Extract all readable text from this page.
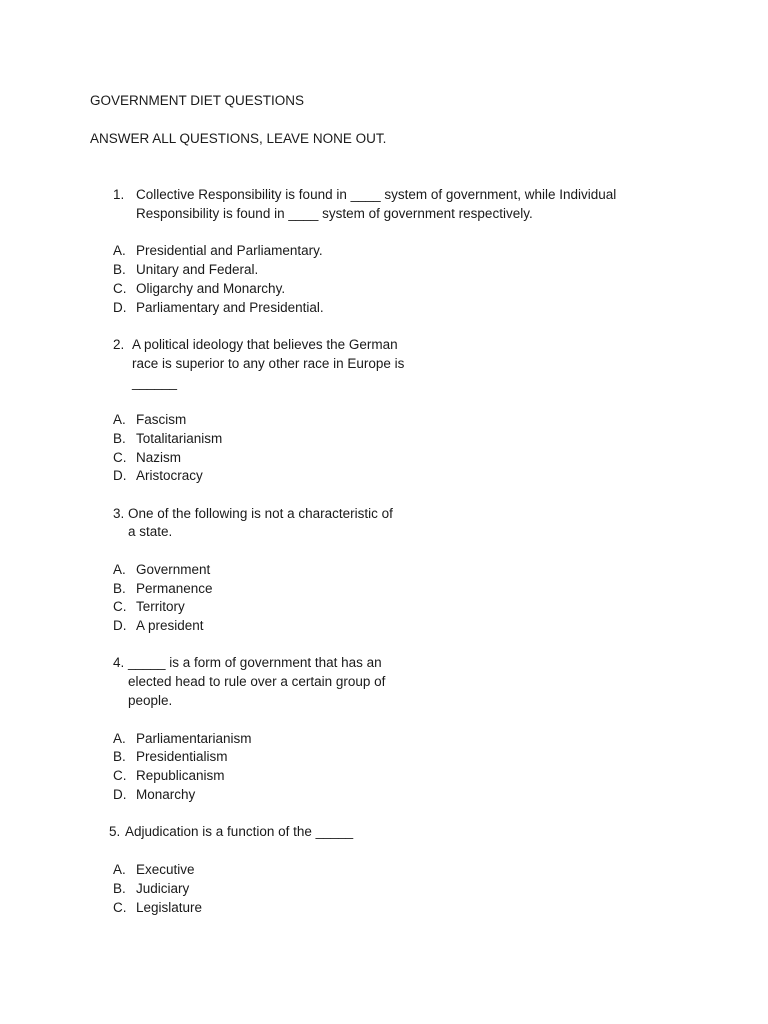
GOVERNMENT DIET QUESTIONS
ANSWER ALL QUESTIONS, LEAVE NONE OUT.
1. Collective Responsibility is found in ____ system of government, while Individual
Responsibility is found in ____ system of government respectively.
A. Presidential and Parliamentary.
B. Unitary and Federal.
C. Oligarchy and Monarchy.
D. Parliamentary and Presidential.
2. A political ideology that believes the German
race is superior to any other race in Europe is
______
A. Fascism
B. Totalitarianism
C. Nazism
D. Aristocracy
3. One of the following is not a characteristic of
a state.
A. Government
B. Permanence
C. Territory
D. A president
4. _____ is a form of government that has an
elected head to rule over a certain group of
people.
A. Parliamentarianism
B. Presidentialism
C. Republicanism
D. Monarchy
5. Adjudication is a function of the _____
A. Executive
B. Judiciary
C. Legislature
